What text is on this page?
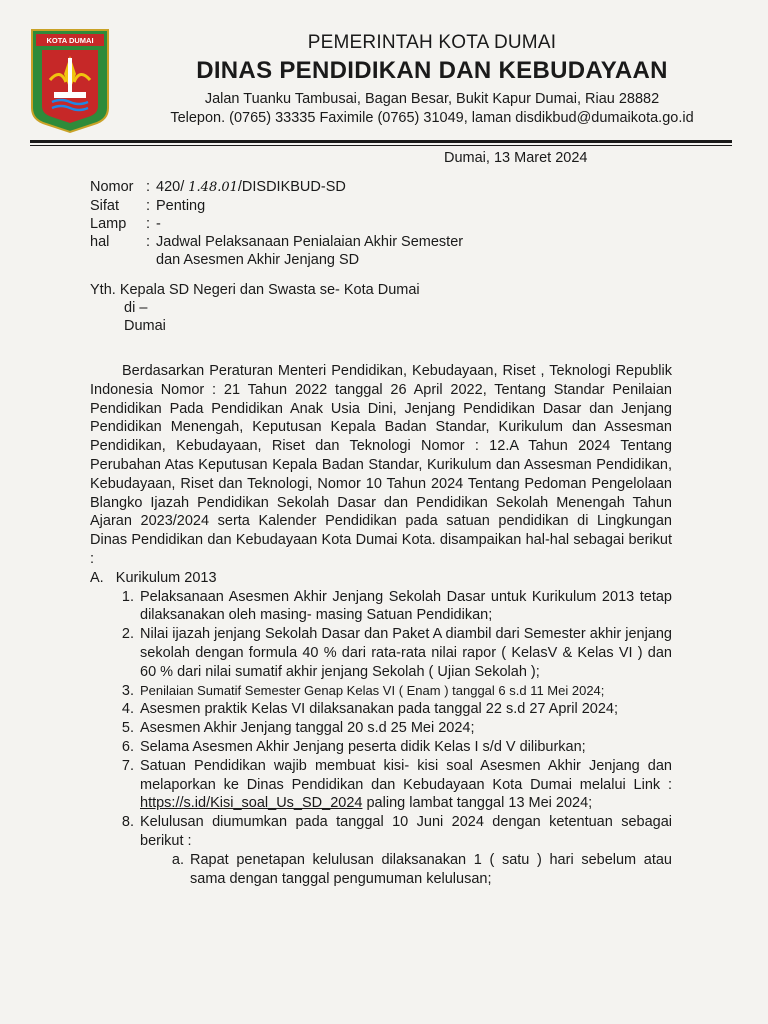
KOTA DUMAI	PEMERINTAH KOTA DUMAI
DINAS PENDIDIKAN DAN KEBUDAYAAN
Jalan Tuanku Tambusai, Bagan Besar, Bukit Kapur Dumai, Riau 28882
Telepon. (0765) 33335 Faximile (0765) 31049, laman disdikbud@dumaikota.go.id
Dumai, 13 Maret 2024
Nomor : 420/ 1.48.01/DISDIKBUD-SD
Sifat	: Penting
Lamp	: -
hal	: Jadwal Pelaksanaan Penialaian Akhir Semester
dan Asesmen Akhir Jenjang SD
Yth. Kepala SD Negeri dan Swasta se- Kota Dumai
di –
Dumai

Berdasarkan Peraturan Menteri Pendidikan, Kebudayaan, Riset , Teknologi Republik Indonesia Nomor : 21 Tahun 2022 tanggal 26 April 2022, Tentang Standar Penilaian Pendidikan Pada Pendidikan Anak Usia Dini, Jenjang Pendidikan Dasar dan Jenjang Pendidikan Menengah, Keputusan Kepala Badan Standar, Kurikulum dan Assesman Pendidikan, Kebudayaan, Riset dan Teknologi Nomor : 12.A Tahun 2024 Tentang Perubahan Atas Keputusan Kepala Badan Standar, Kurikulum dan Assesman Pendidikan, Kebudayaan, Riset dan Teknologi, Nomor 10 Tahun 2024 Tentang Pedoman Pengelolaan Blangko Ijazah Pendidikan Sekolah Dasar dan Pendidikan Sekolah Menengah Tahun Ajaran 2023/2024 serta Kalender Pendidikan pada satuan pendidikan di Lingkungan Dinas Pendidikan dan Kebudayaan Kota Dumai Kota. disampaikan hal-hal sebagai berikut :

A.   Kurikulum 2013
1. Pelaksanaan Asesmen Akhir Jenjang Sekolah Dasar untuk Kurikulum 2013 tetap dilaksanakan oleh masing- masing Satuan Pendidikan;
2. Nilai ijazah jenjang Sekolah Dasar dan Paket A diambil dari Semester akhir jenjang sekolah dengan formula 40 % dari rata-rata nilai rapor ( KelasV & Kelas VI ) dan 60 % dari nilai sumatif akhir jenjang Sekolah ( Ujian Sekolah );
3. Penilaian Sumatif Semester Genap Kelas VI ( Enam ) tanggal 6 s.d 11 Mei 2024;
4. Asesmen praktik Kelas VI dilaksanakan pada tanggal 22 s.d 27 April 2024;
5. Asesmen Akhir Jenjang tanggal 20 s.d 25 Mei 2024;
6. Selama Asesmen Akhir Jenjang peserta didik Kelas I s/d V diliburkan;
7. Satuan Pendidikan wajib membuat kisi- kisi soal Asesmen Akhir Jenjang dan melaporkan ke Dinas Pendidikan dan Kebudayaan Kota Dumai melalui Link : https://s.id/Kisi_soal_Us_SD_2024 paling lambat tanggal 13 Mei 2024;
8. Kelulusan diumumkan pada tanggal 10 Juni 2024 dengan ketentuan sebagai berikut :
a. Rapat penetapan kelulusan dilaksanakan 1 ( satu ) hari sebelum atau sama dengan tanggal pengumuman kelulusan;
